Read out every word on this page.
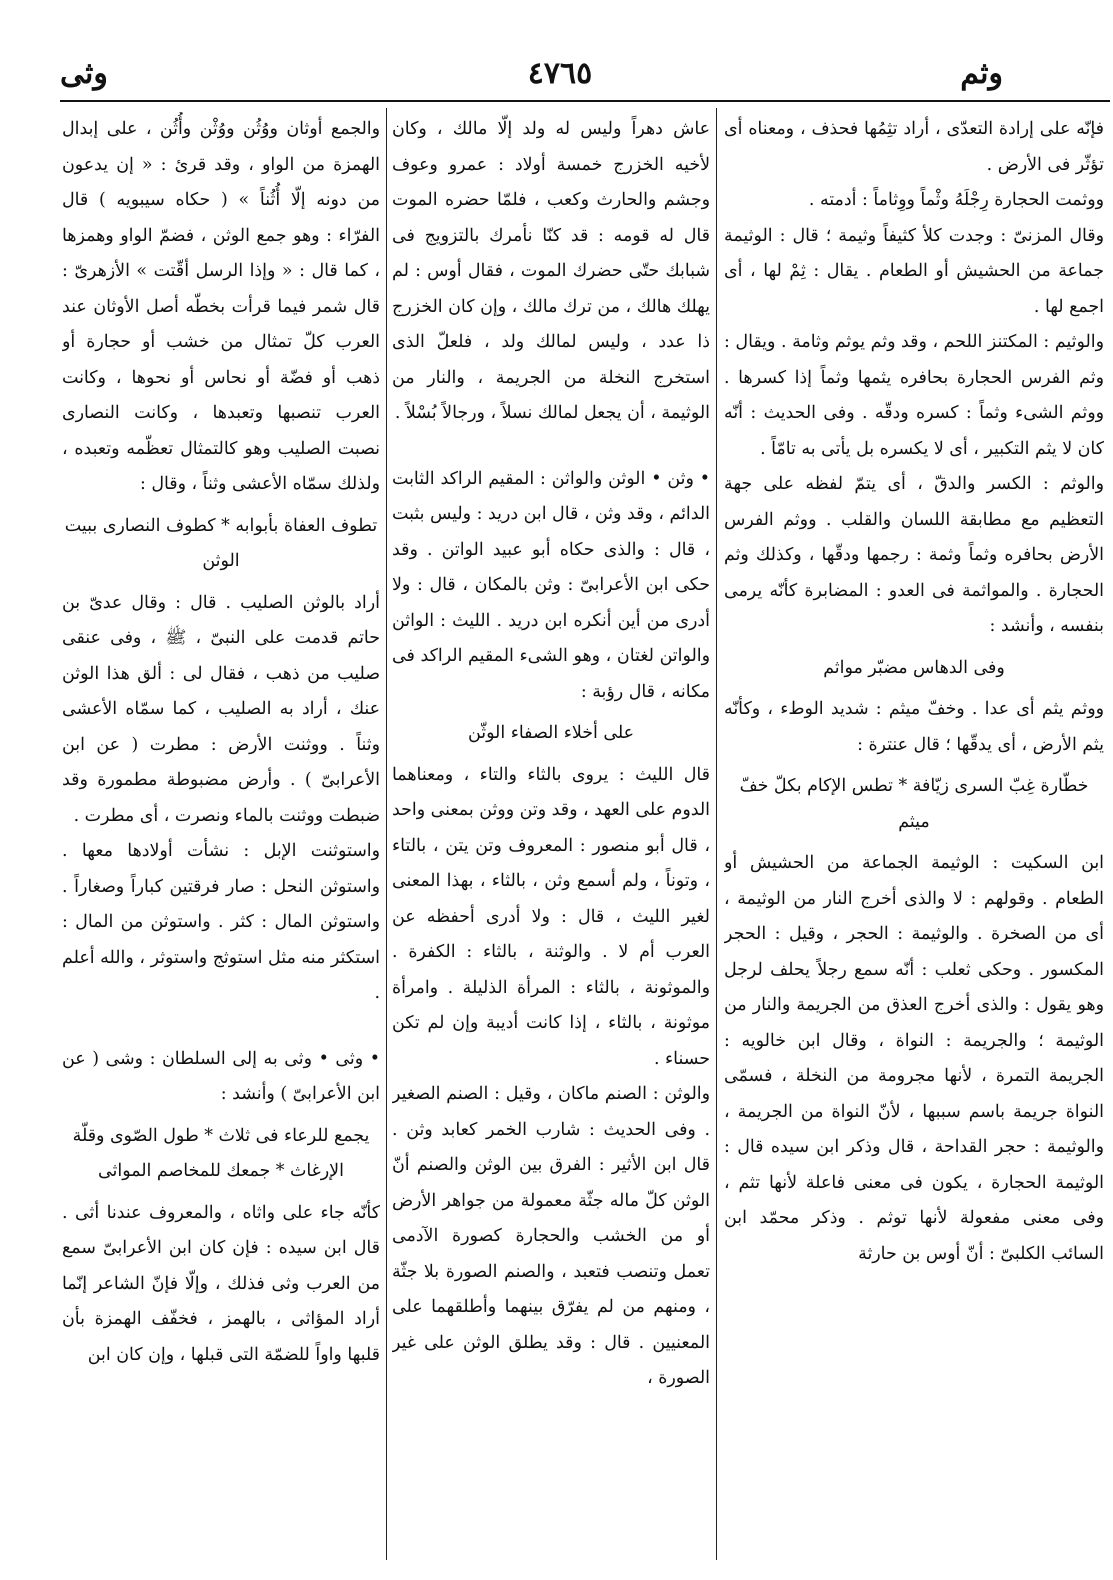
وثم
٤٧٦٥
وثى

فإنّه على إرادة التعدّى ، أراد تثِمُها فحذف ، ومعناه أى تؤثّر فى الأرض .

ووثمت الحجارة رِجْلَهُ وثْماً ووِثاماً : أدمته .

وقال المزنىّ : وجدت كلأ كثيفاً وثيمة ؛ قال : الوثيمة جماعة من الحشيش أو الطعام . يقال : ثِمْ لها ، أى اجمع لها .

والوثيم : المكتنز اللحم ، وقد وثم يوثم وثامة . ويقال : وثم الفرس الحجارة بحافره يثمها وثماً إذا كسرها . ووثم الشىء وثماً : كسره ودقّه . وفى الحديث : أنّه كان لا يثم التكبير ، أى لا يكسره بل يأتى به تامّاً .

والوثم : الكسر والدقّ ، أى يتمّ لفظه على جهة التعظيم مع مطابقة اللسان والقلب . ووثم الفرس الأرض بحافره وثماً وثمة : رجمها ودقّها ، وكذلك وثم الحجارة . والمواثمة فى العدو : المضابرة كأنّه يرمى بنفسه ، وأنشد :

وفى الدهاس مضبّر مواثم

ووثم يثم أى عدا . وخفّ ميثم : شديد الوطء ، وكأنّه يثم الأرض ، أى يدقّها ؛ قال عنترة :

خطّارة غِبّ السرى زيّافة * تطس الإكام بكلّ خفّ ميثم

ابن السكيت : الوثيمة الجماعة من الحشيش أو الطعام . وقولهم : لا والذى أخرج النار من الوثيمة ، أى من الصخرة . والوثيمة : الحجر ، وقيل : الحجر المكسور . وحكى ثعلب : أنّه سمع رجلاً يحلف لرجل وهو يقول : والذى أخرج العذق من الجريمة والنار من الوثيمة ؛ والجريمة : النواة ، وقال ابن خالويه : الجريمة التمرة ، لأنها مجرومة من النخلة ، فسمّى النواة جريمة باسم سببها ، لأنّ النواة من الجريمة ، والوثيمة : حجر القداحة ، قال وذكر ابن سيده قال : الوثيمة الحجارة ، يكون فى معنى فاعلة لأنها تثم ، وفى معنى مفعولة لأنها توثم . وذكر محمّد ابن السائب الكلبىّ : أنّ أوس بن حارثة

عاش دهراً وليس له ولد إلّا مالك ، وكان لأخيه الخزرج خمسة أولاد : عمرو وعوف وجشم والحارث وكعب ، فلمّا حضره الموت قال له قومه : قد كنّا نأمرك بالتزويج فى شبابك حتّى حضرك الموت ، فقال أوس : لم يهلك هالك ، من ترك مالك ، وإن كان الخزرج ذا عدد ، وليس لمالك ولد ، فلعلّ الذى استخرج النخلة من الجريمة ، والنار من الوثيمة ، أن يجعل لمالك نسلاً ، ورجالاً بُسْلاً .

• وثن • الوثن والواثن : المقيم الراكد الثابت الدائم ، وقد وثن ، قال ابن دريد : وليس بثبت ، قال : والذى حكاه أبو عبيد الواتن . وقد حكى ابن الأعرابىّ : وثن بالمكان ، قال : ولا أدرى من أين أنكره ابن دريد . الليث : الواثن والواتن لغتان ، وهو الشىء المقيم الراكد فى مكانه ، قال رؤبة :

على أخلاء الصفاء الوثّن

قال الليث : يروى بالثاء والتاء ، ومعناهما الدوم على العهد ، وقد وتن ووثن بمعنى واحد ، قال أبو منصور : المعروف وتن يتن ، بالتاء ، وتوناً ، ولم أسمع وثن ، بالثاء ، بهذا المعنى لغير الليث ، قال : ولا أدرى أحفظه عن العرب أم لا . والوثنة ، بالثاء : الكفرة . والموثونة ، بالثاء : المرأة الذليلة . وامرأة موثونة ، بالثاء ، إذا كانت أديبة وإن لم تكن حسناء .

والوثن : الصنم ماكان ، وقيل : الصنم الصغير . وفى الحديث : شارب الخمر كعابد وثن . قال ابن الأثير : الفرق بين الوثن والصنم أنّ الوثن كلّ ماله جثّة معمولة من جواهر الأرض أو من الخشب والحجارة كصورة الآدمى تعمل وتنصب فتعبد ، والصنم الصورة بلا جثّة ، ومنهم من لم يفرّق بينهما وأطلقهما على المعنيين . قال : وقد يطلق الوثن على غير الصورة ،

والجمع أوثان ووُثُن ووُثْن وأُثُن ، على إبدال الهمزة من الواو ، وقد قرئ : « إن يدعون من دونه إلّا أُثُناً » ( حكاه سيبويه ) قال الفرّاء : وهو جمع الوثن ، فضمّ الواو وهمزها ، كما قال : « وإذا الرسل أقّتت » الأزهرىّ : قال شمر فيما قرأت بخطّه أصل الأوثان عند العرب كلّ تمثال من خشب أو حجارة أو ذهب أو فضّة أو نحاس أو نحوها ، وكانت العرب تنصبها وتعبدها ، وكانت النصارى نصبت الصليب وهو كالتمثال تعظّمه وتعبده ، ولذلك سمّاه الأعشى وثناً ، وقال :

تطوف العفاة بأبوابه * كطوف النصارى ببيت الوثن

أراد بالوثن الصليب . قال : وقال عدىّ بن حاتم قدمت على النبىّ ، ﷺ ، وفى عنقى صليب من ذهب ، فقال لى : ألق هذا الوثن عنك ، أراد به الصليب ، كما سمّاه الأعشى وثناً . ووثنت الأرض : مطرت ( عن ابن الأعرابىّ ) . وأرض مضبوطة مطمورة وقد ضبطت ووثنت بالماء ونصرت ، أى مطرت .

واستوثنت الإبل : نشأت أولادها معها . واستوثن النحل : صار فرقتين كباراً وصغاراً . واستوثن المال : كثر . واستوثن من المال : استكثر منه مثل استوثج واستوثر ، والله أعلم .

• وثى • وثى به إلى السلطان : وشى ( عن ابن الأعرابىّ ) وأنشد :

يجمع للرعاء فى ثلاث * طول الصّوى وقلّة الإرغاث * جمعك للمخاصم المواثى

كأنّه جاء على واثاه ، والمعروف عندنا أثى . قال ابن سيده : فإن كان ابن الأعرابىّ سمع من العرب وثى فذلك ، وإلّا فإنّ الشاعر إنّما أراد المؤاثى ، بالهمز ، فخفّف الهمزة بأن قلبها واواً للضمّة التى قبلها ، وإن كان ابن
